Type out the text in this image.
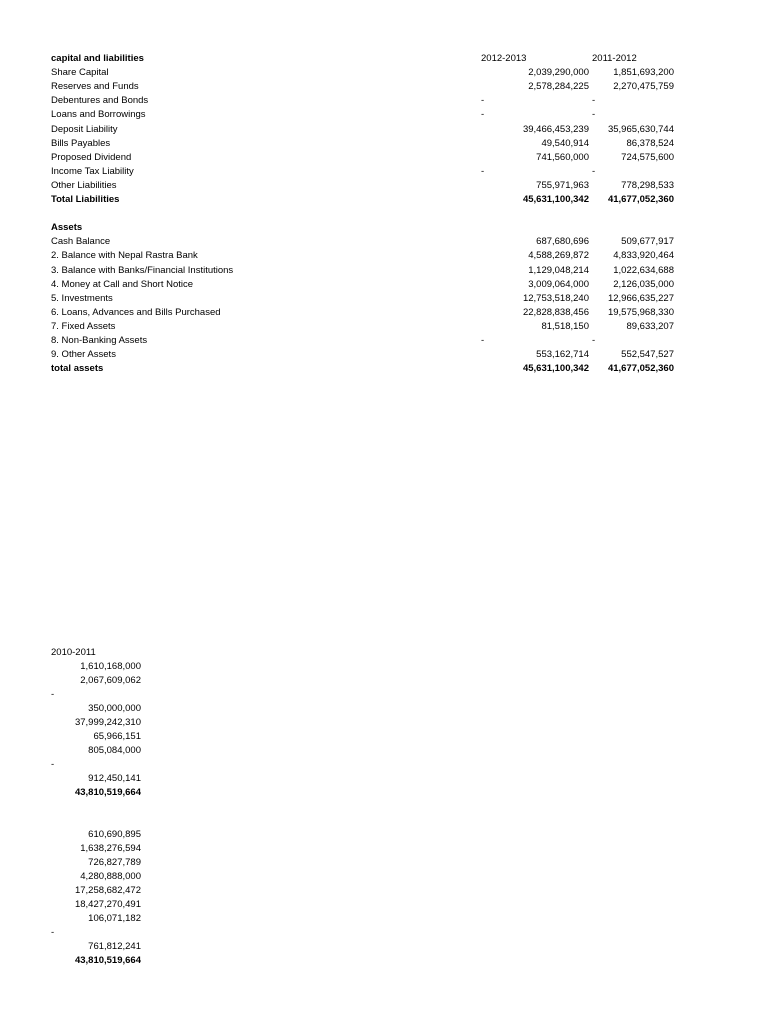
capital and liabilities	2012-2013	2011-2012
Share Capital	2,039,290,000	1,851,693,200
Reserves and Funds	2,578,284,225	2,270,475,759
Debentures and Bonds	-	-
Loans and Borrowings	-	-
Deposit Liability	39,466,453,239	35,965,630,744
Bills Payables	49,540,914	86,378,524
Proposed Dividend	741,560,000	724,575,600
Income Tax Liability	-	-
Other Liabilities	755,971,963	778,298,533
Total Liabilities	45,631,100,342	41,677,052,360
Assets
Cash Balance	687,680,696	509,677,917
2. Balance with Nepal Rastra Bank	4,588,269,872	4,833,920,464
3. Balance with Banks/Financial Institutions	1,129,048,214	1,022,634,688
4. Money at Call and Short Notice	3,009,064,000	2,126,035,000
5. Investments	12,753,518,240	12,966,635,227
6. Loans, Advances and Bills Purchased	22,828,838,456	19,575,968,330
7. Fixed Assets	81,518,150	89,633,207
8. Non-Banking Assets	-	-
9. Other Assets	553,162,714	552,547,527
total assets	45,631,100,342	41,677,052,360
2010-2011
1,610,168,000
2,067,609,062
-
350,000,000
37,999,242,310
65,966,151
805,084,000
-
912,450,141
43,810,519,664
610,690,895
1,638,276,594
726,827,789
4,280,888,000
17,258,682,472
18,427,270,491
106,071,182
-
761,812,241
43,810,519,664
